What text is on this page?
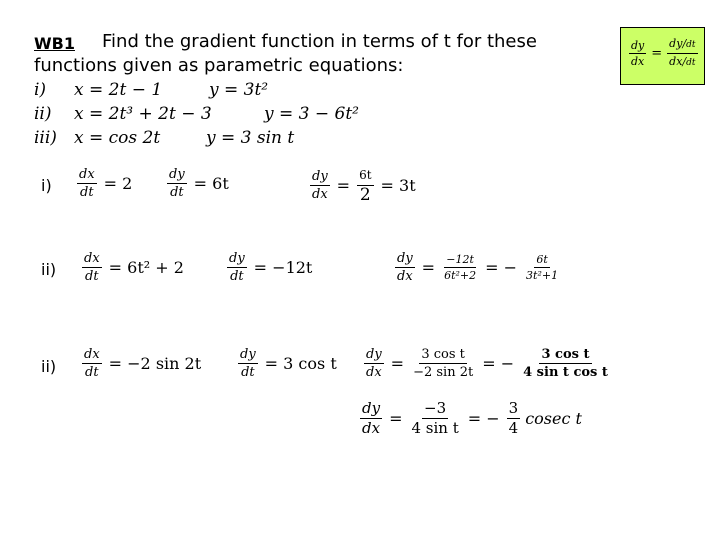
WB1 Find the gradient function in terms of t for these
functions given as parametric equations:	$\frac{dy}{dx} = \frac{dy/dt}{dx/dt}$
i) x = 2t − 1	y = 3t²
ii) x = 2t³ + 2t − 3	y = 3 − 6t²
iii) x = cos 2t	y = 3 sin t
$i) \frac{dx}{dt} = 2$	$\frac{dy}{dt} = 6t$	$\frac{dy}{dx} = \frac{6t}{2} = 3t$
$ii) \frac{dx}{dt} = 6t^2 + 2$	$\frac{dy}{dt} = -12t$	$\frac{dy}{dx} = \frac{-12t}{\text{6t²+2}}$ = − $\frac{6t}{\text{3t²+1}}$
$ii) \frac{dx}{dt} = -2$ sin 2t	$\frac{dy}{dt} = 3$ cos t $\frac{dy}{dx} = \frac{\text{3 cos t}}{-2 \sin 2t}$ = − $\frac{\text{3 cos t}}{\text{4 sin t cos t}}$
$\frac{dy}{dx} = \frac{-3}{\text{4 sin t}}$ = − $\frac{3}{4}$ cosec t
